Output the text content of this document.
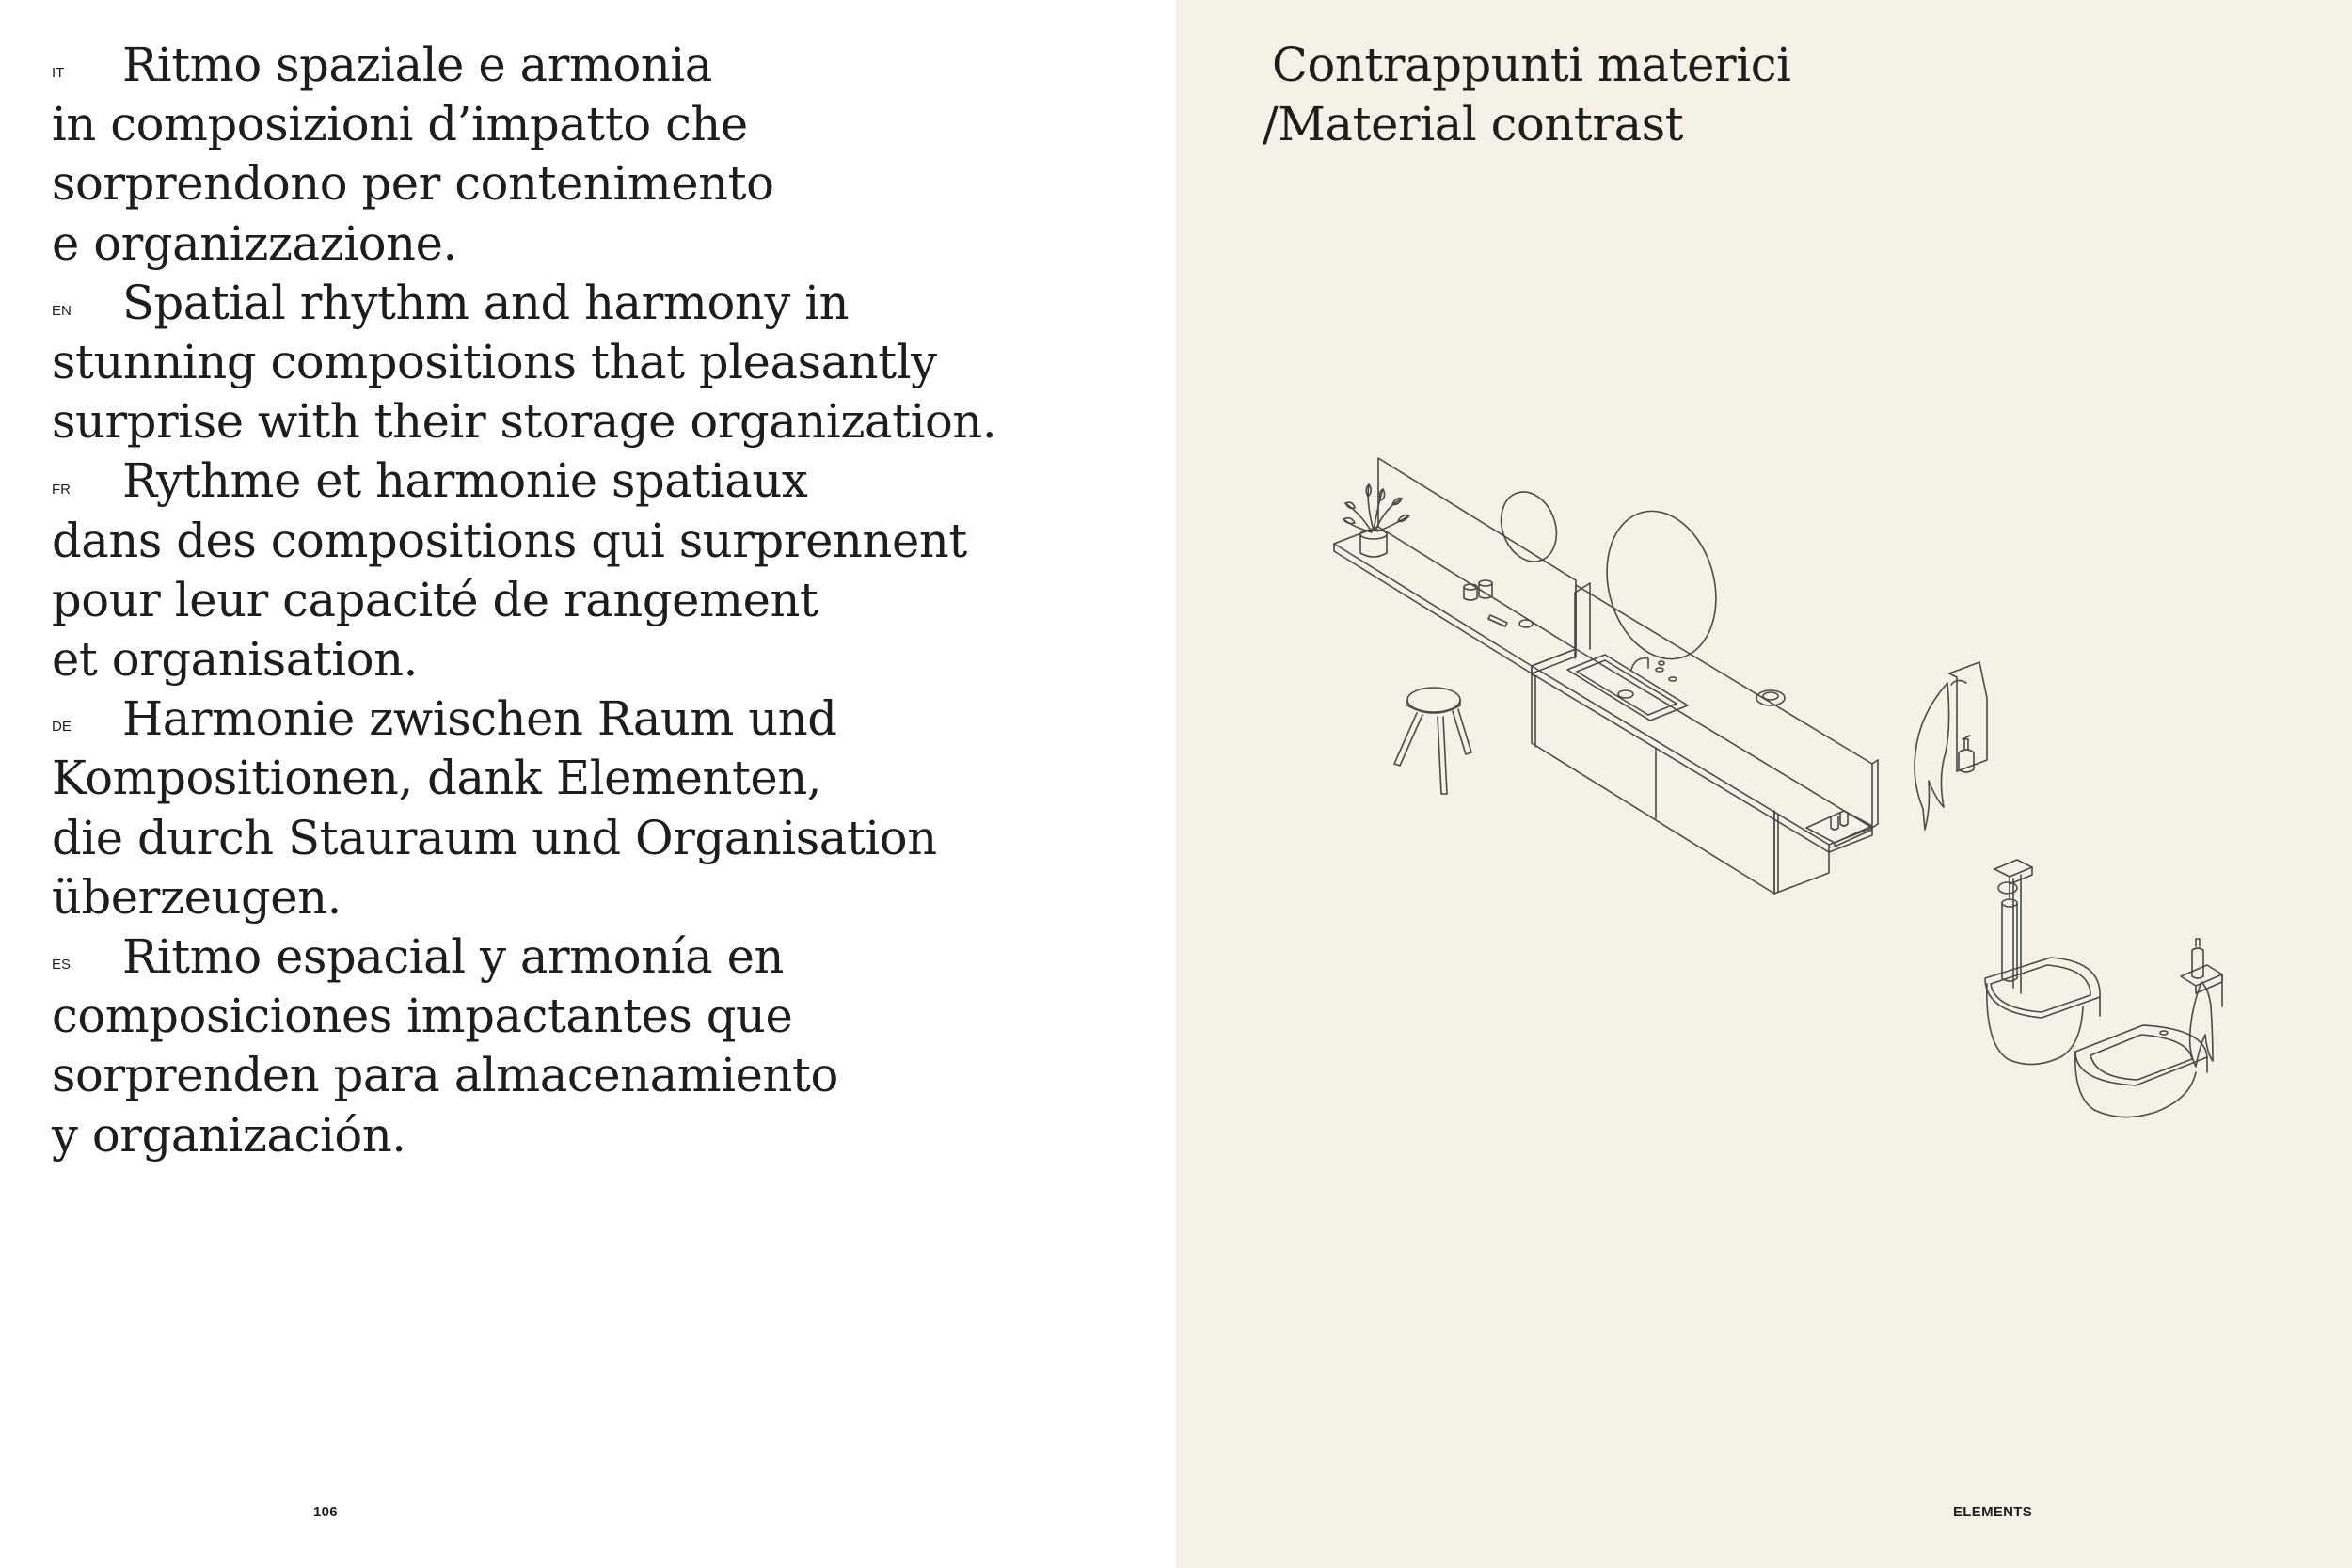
IT Ritmo spaziale e armonia
in composizioni d’impatto che
sorprendono per contenimento
e organizzazione.

EN Spatial rhythm and harmony in
stunning compositions that pleasantly
surprise with their storage organization.

FR Rythme et harmonie spatiaux
dans des compositions qui surprennent
pour leur capacité de rangement
et organisation.

DE Harmonie zwischen Raum und
Kompositionen, dank Elementen,
die durch Stauraum und Organisation
überzeugen.

ES Ritmo espacial y armonía en
composiciones impactantes que
sorprenden para almacenamiento
y organización.

106
Contrappunti materici
/Material contrast
ELEMENTS
